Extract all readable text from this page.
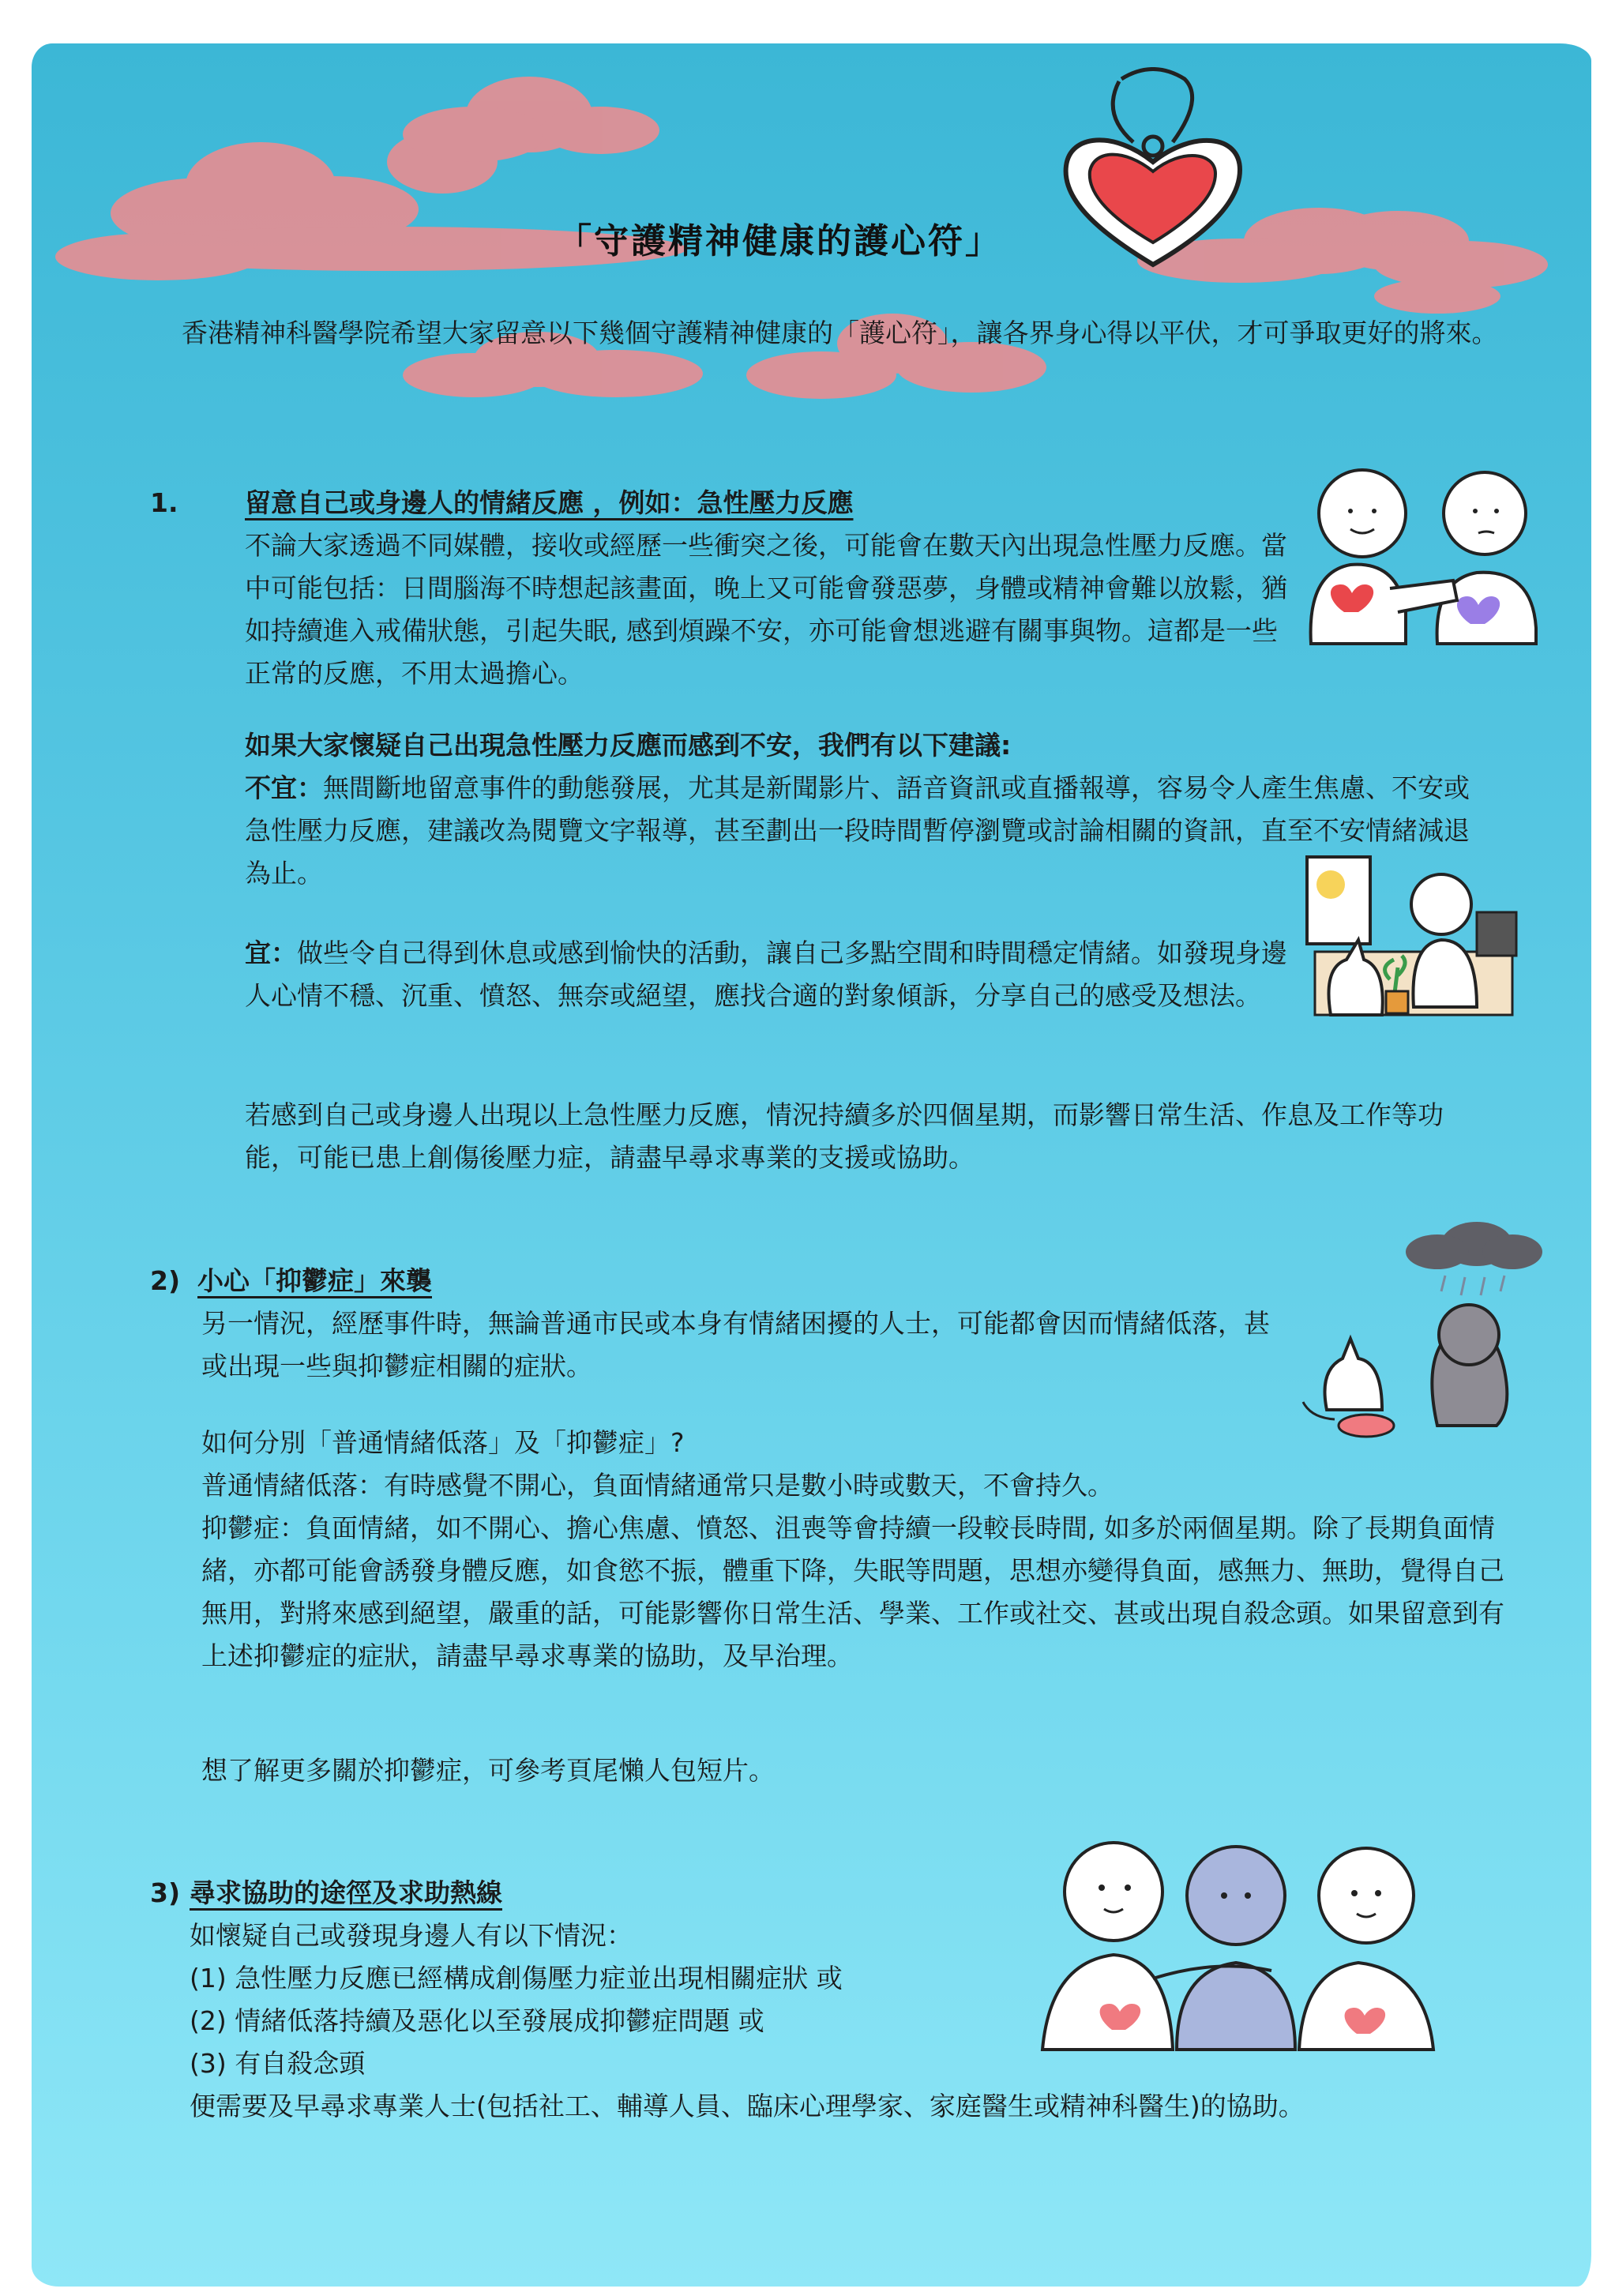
「守護精神健康的護心符」

香港精神科醫學院希望大家留意以下幾個守護精神健康的「護心符」，讓各界身心得以平伏，才可爭取更好的將來。

1.	留意自己或身邊人的情緒反應 ，例如：急性壓力反應

不論大家透過不同媒體，接收或經歷一些衝突之後，可能會在數天內出現急性壓力反應。當中可能包括：日間腦海不時想起該畫面，晚上又可能會發惡夢，身體或精神會難以放鬆，猶如持續進入戒備狀態，引起失眠, 感到煩躁不安，亦可能會想逃避有關事與物。這都是一些正常的反應，不用太過擔心。

如果大家懷疑自己出現急性壓力反應而感到不安，我們有以下建議:

不宜：無間斷地留意事件的動態發展，尤其是新聞影片、語音資訊或直播報導，容易令人產生焦慮、不安或急性壓力反應，建議改為閱覽文字報導，甚至劃出一段時間暫停瀏覽或討論相關的資訊，直至不安情緒減退為止。

宜：做些令自己得到休息或感到愉快的活動，讓自己多點空間和時間穩定情緒。如發現身邊人心情不穩、沉重、憤怒、無奈或絕望，應找合適的對象傾訴，分享自己的感受及想法。

若感到自己或身邊人出現以上急性壓力反應，情況持續多於四個星期，而影響日常生活、作息及工作等功能，可能已患上創傷後壓力症，請盡早尋求專業的支援或協助。

2) 小心「抑鬱症」來襲

另一情況，經歷事件時，無論普通市民或本身有情緒困擾的人士，可能都會因而情緒低落，甚或出現一些與抑鬱症相關的症狀。

如何分別「普通情緒低落」及「抑鬱症」?

普通情緒低落：有時感覺不開心，負面情緒通常只是數小時或數天，不會持久。

抑鬱症：負面情緒，如不開心、擔心焦慮、憤怒、沮喪等會持續一段較長時間, 如多於兩個星期。除了長期負面情緒，亦都可能會誘發身體反應，如食慾不振，體重下降，失眠等問題，思想亦變得負面，感無力、無助，覺得自己無用，對將來感到絕望，嚴重的話，可能影響你日常生活、學業、工作或社交、甚或出現自殺念頭。如果留意到有上述抑鬱症的症狀，請盡早尋求專業的協助，及早治理。

想了解更多關於抑鬱症，可參考頁尾懶人包短片。

3) 尋求協助的途徑及求助熱線

如懷疑自己或發現身邊人有以下情況：

(1) 急性壓力反應已經構成創傷壓力症並出現相關症狀 或

(2) 情緒低落持續及惡化以至發展成抑鬱症問題 或

(3) 有自殺念頭

便需要及早尋求專業人士(包括社工、輔導人員、臨床心理學家、家庭醫生或精神科醫生)的協助。
